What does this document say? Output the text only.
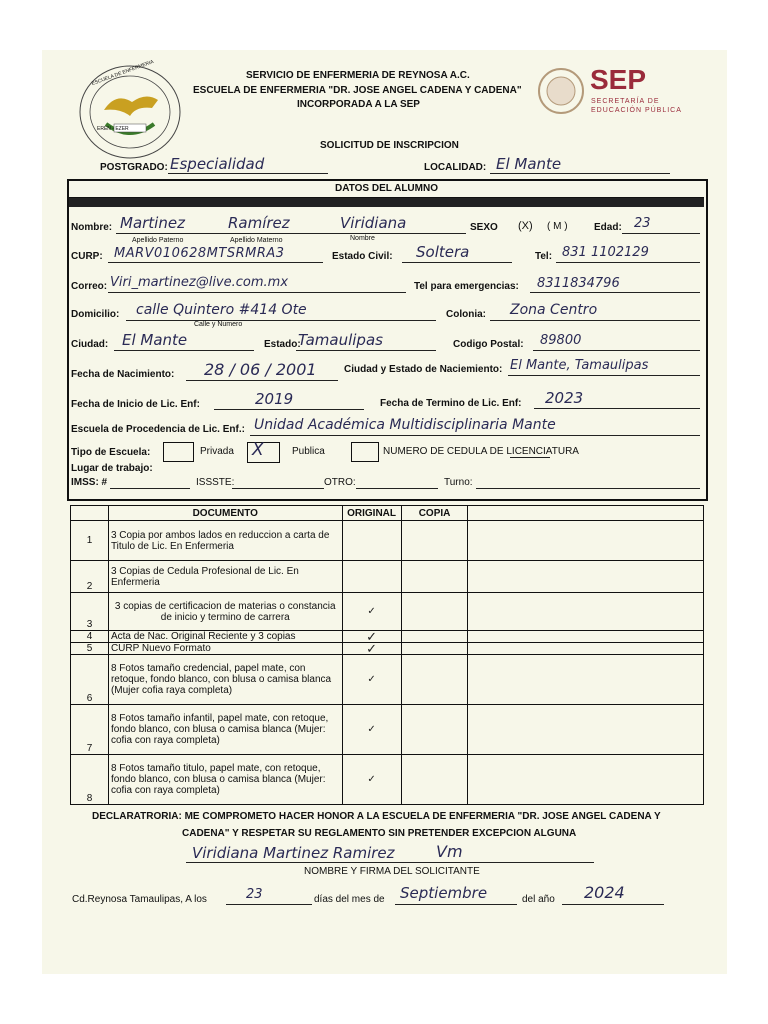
EREN - EZER
ESCUELA DE ENFERMERIA	SERVICIO DE ENFERMERIA DE REYNOSA A.C.
ESCUELA DE ENFERMERIA "DR. JOSE ANGEL CADENA Y CADENA"
INCORPORADA A LA SEP
SEP
SECRETARÍA DE
EDUCACIÓN PÚBLICA
SOLICITUD DE INSCRIPCION
POSTGRADO: Especialidad	LOCALIDAD: El Mante
DATOS DEL ALUMNO
Nombre: Martinez	Ramírez	Viridiana
Apellido Paterno	Apellido Materno	Nombre
SEXO (X) ( M )	Edad: 23
CURP: MARV010628MTSRMRA3	Estado Civil: Soltera	Tel: 831 1102129
Correo: Viri_martinez@live.com.mx	Tel para emergencias: 8311834796
Domicilio: calle Quintero #414 Ote
Calle y Numero
Colonia: Zona Centro
Ciudad: El Mante	Estado:
Tamaulipas	Codigo Postal: 89800
Fecha de Nacimiento: 28 / 06 / 2001	Ciudad y Estado de Naciemiento: El Mante, Tamaulipas
Fecha de Inicio de Lic. Enf:	2019	Fecha de Termino de Lic. Enf: 2023
Escuela de Procedencia de Lic. Enf.: Unidad Académica Multidisciplinaria Mante
Tipo de Escuela:	Privada X	Publica	NUMERO DE CEDULA DE LICENCIATURA
Lugar de trabajo:
IMSS: #	ISSSTE:	OTRO:	Turno:
	DOCUMENTO	ORIGINAL	COPIA	
1	3 Copia por ambos lados en reduccion a carta de Titulo de Lic. En Enfermeria			
2	3 Copias de Cedula Profesional de Lic. En Enfermeria			
3	3 copias de certificacion de materias o constancia de inicio y termino de carrera	✓		
4	Acta de Nac. Original Reciente y 3 copias	✓		
5	CURP Nuevo Formato	✓		
6	8 Fotos tamaño credencial, papel mate, con retoque, fondo blanco, con blusa o camisa blanca (Mujer cofia raya completa)	✓		
7	8 Fotos tamaño infantil, papel mate, con retoque, fondo blanco, con blusa o camisa blanca (Mujer: cofia con raya completa)	✓		
8	8 Fotos tamaño titulo, papel mate, con retoque, fondo blanco, con blusa o camisa blanca (Mujer: cofia con raya completa)	✓		
DECLARATRORIA: ME COMPROMETO HACER HONOR A LA ESCUELA DE ENFERMERIA "DR. JOSE ANGEL CADENA Y
CADENA" Y RESPETAR SU REGLAMENTO SIN PRETENDER EXCEPCION ALGUNA
Viridiana Martinez Ramirez	Vm
NOMBRE Y FIRMA DEL SOLICITANTE
Cd.Reynosa Tamaulipas, A los	23	días del mes de Septiembre	del año 2024
